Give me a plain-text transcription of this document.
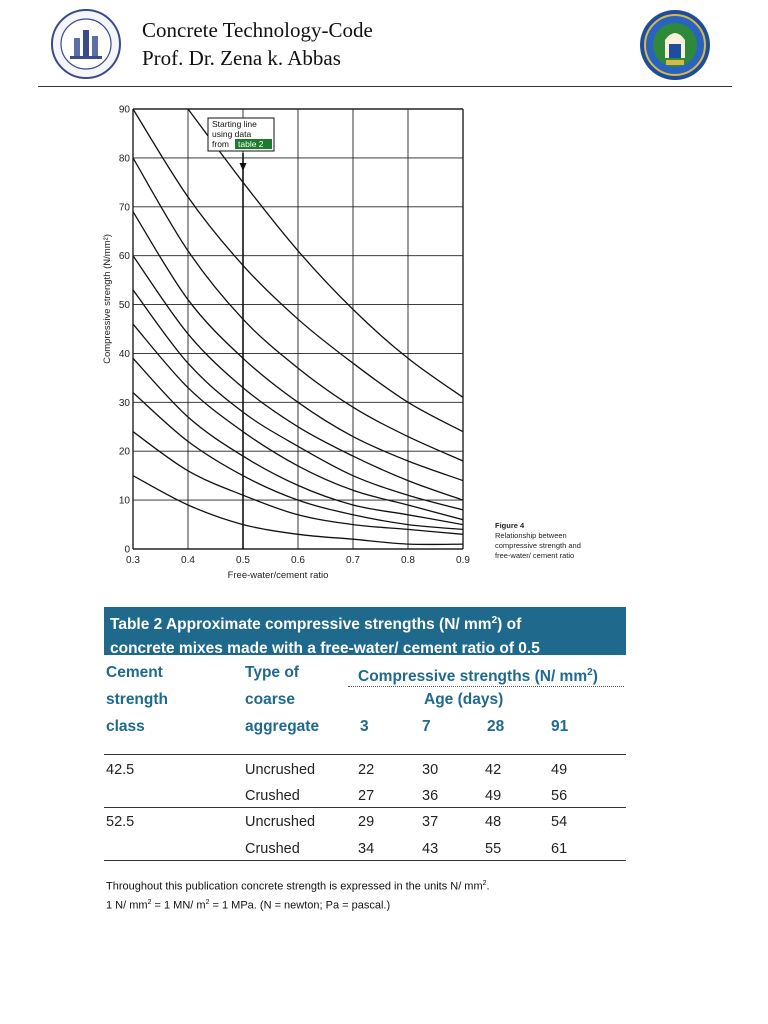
Concrete Technology-Code
Prof. Dr. Zena k. Abbas
0.3	0.4	0.5	0.6	0.7	0.8	0.9
0
10
20
30
40
50
60
70
80
90
Free-water/cement ratio
Compressive strength (N/mm²)
Starting line
using data
from table 2
Figure 4
Relationship between
compressive strength and
free-water/ cement ratio
Table 2 Approximate compressive strengths (N/ $mm^2$) of
concrete mixes made with a free-water/ cement ratio of 0.5
Cement
strength
class
Type of
coarse
aggregate
Compressive strengths (N/ $mm^2$)
Age (days)
3	7	28	91
42.5	Uncrushed	22	30	42	49
Crushed	27	36	49	56
52.5	Uncrushed	29	37	48	54
Crushed	34	43	55	61
Throughout this publication concrete strength is expressed in the units N/ $mm^2$.
1 N/ $mm^2 = 1$ MN/ $m^2 = 1$ MPa. (N = newton; Pa = pascal.)
